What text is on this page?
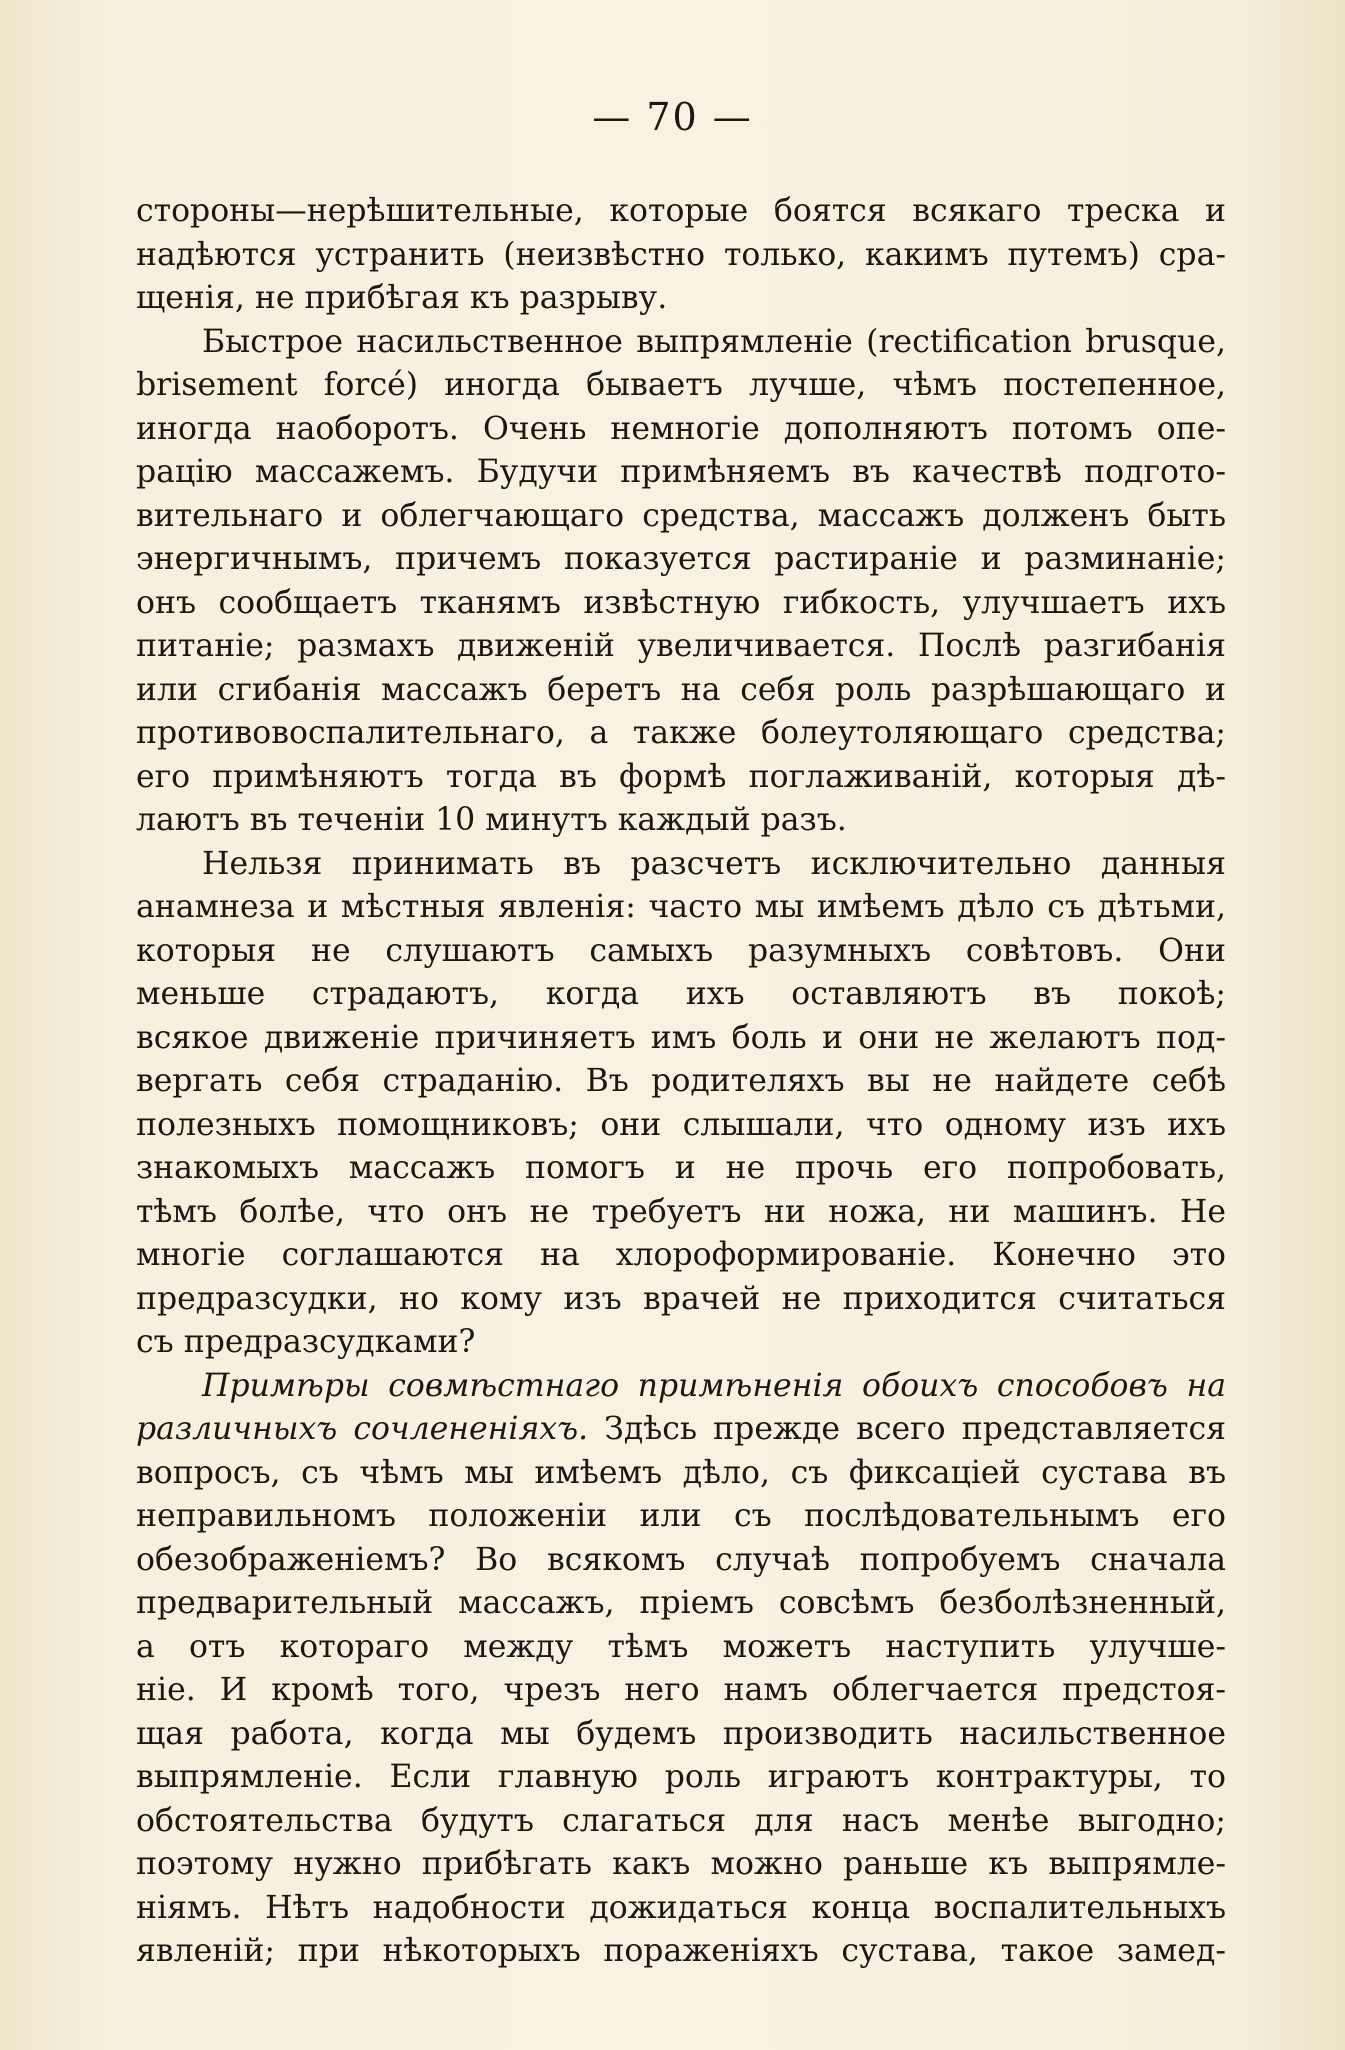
— 70 —
стороны—нерѣшительные, которые боятся всякаго треска и
надѣются устранить (неизвѣстно только, какимъ путемъ) сра-
щенія, не прибѣгая къ разрыву.
Быстрое насильственное выпрямленіе (rectification brusque,
brisement forcé) иногда бываетъ лучше, чѣмъ постепенное,
иногда наоборотъ. Очень немногіе дополняютъ потомъ опе-
рацію массажемъ. Будучи примѣняемъ въ качествѣ подгото-
вительнаго и облегчающаго средства, массажъ долженъ быть
энергичнымъ, причемъ показуется растираніе и разминаніе;
онъ сообщаетъ тканямъ извѣстную гибкость, улучшаетъ ихъ
питаніе; размахъ движеній увеличивается. Послѣ разгибанія
или сгибанія массажъ беретъ на себя роль разрѣшающаго и
противовоспалительнаго, а также болеутоляющаго средства;
его примѣняютъ тогда въ формѣ поглаживаній, которыя дѣ-
лаютъ въ теченіи 10 минутъ каждый разъ.
Нельзя принимать въ разсчетъ исключительно данныя
анамнеза и мѣстныя явленія: часто мы имѣемъ дѣло съ дѣтьми,
которыя не слушаютъ самыхъ разумныхъ совѣтовъ. Они
меньше страдаютъ, когда ихъ оставляютъ въ покоѣ;
всякое движеніе причиняетъ имъ боль и они не желаютъ под-
вергать себя страданію. Въ родителяхъ вы не найдете себѣ
полезныхъ помощниковъ; они слышали, что одному изъ ихъ
знакомыхъ массажъ помогъ и не прочь его попробовать,
тѣмъ болѣе, что онъ не требуетъ ни ножа, ни машинъ. Не
многіе соглашаются на хлороформированіе. Конечно это
предразсудки, но кому изъ врачей не приходится считаться
съ предразсудками?
Примѣры совмѣстнаго примѣненія обоихъ способовъ на
различныхъ сочлененіяхъ. Здѣсь прежде всего представляется
вопросъ, съ чѣмъ мы имѣемъ дѣло, съ фиксаціей сустава въ
неправильномъ положеніи или съ послѣдовательнымъ его
обезображеніемъ? Во всякомъ случаѣ попробуемъ сначала
предварительный массажъ, пріемъ совсѣмъ безболѣзненный,
а отъ котораго между тѣмъ можетъ наступить улучше-
ніе. И кромѣ того, чрезъ него намъ облегчается предстоя-
щая работа, когда мы будемъ производить насильственное
выпрямленіе. Если главную роль играютъ контрактуры, то
обстоятельства будутъ слагаться для насъ менѣе выгодно;
поэтому нужно прибѣгать какъ можно раньше къ выпрямле-
ніямъ. Нѣтъ надобности дожидаться конца воспалительныхъ
явленій; при нѣкоторыхъ пораженіяхъ сустава, такое замед-
